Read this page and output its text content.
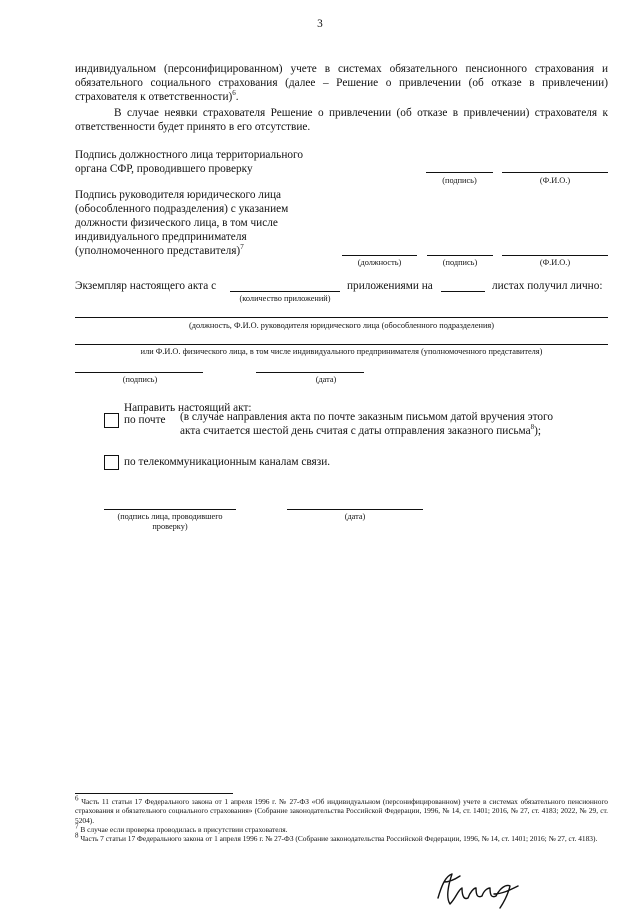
3
индивидуальном (персонифицированном) учете в системах обязательного пенсионного страхования и обязательного социального страхования (далее – Решение о привлечении (об отказе в привлечении) страхователя к ответственности)$^6$.
В случае неявки страхователя Решение о привлечении (об отказе в привлечении) страхователя к ответственности будет принято в его отсутствие.
Подпись должностного лица территориального органа СФР, проводившего проверку
(подпись)	(Ф.И.О.)
Подпись руководителя юридического лица (обособленного подразделения) с указанием должности физического лица, в том числе индивидуального предпринимателя (уполномоченного представителя)$^7$
(должность)	(подпись)	(Ф.И.О.)
Экземпляр настоящего акта с	приложениями на	листах получил лично:
(количество приложений)
(должность, Ф.И.О. руководителя юридического лица (обособленного подразделения)
или Ф.И.О. физического лица, в том числе индивидуального предпринимателя (уполномоченного представителя)
(подпись)	(дата)
Направить настоящий акт:
по почте (в случае направления акта по почте заказным письмом датой вручения этого акта считается шестой день считая с даты отправления заказного письма$^8$);
по телекоммуникационным каналам связи.
(подпись лица, проводившего проверку)
(дата)
$^6$ Часть 11 статьи 17 Федерального закона от 1 апреля 1996 г. № 27-ФЗ «Об индивидуальном (персонифицированном) учете в системах обязательного пенсионного страхования и обязательного социального страхования» (Собрание законодательства Российской Федерации, 1996, № 14, ст. 1401; 2016, № 27, ст. 4183; 2022, № 29, ст. 5204).
$^7$ В случае если проверка проводилась в присутствии страхователя.
$^8$ Часть 7 статьи 17 Федерального закона от 1 апреля 1996 г. № 27-ФЗ (Собрание законодательства Российской Федерации, 1996, № 14, ст. 1401; 2016; № 27, ст. 4183).
